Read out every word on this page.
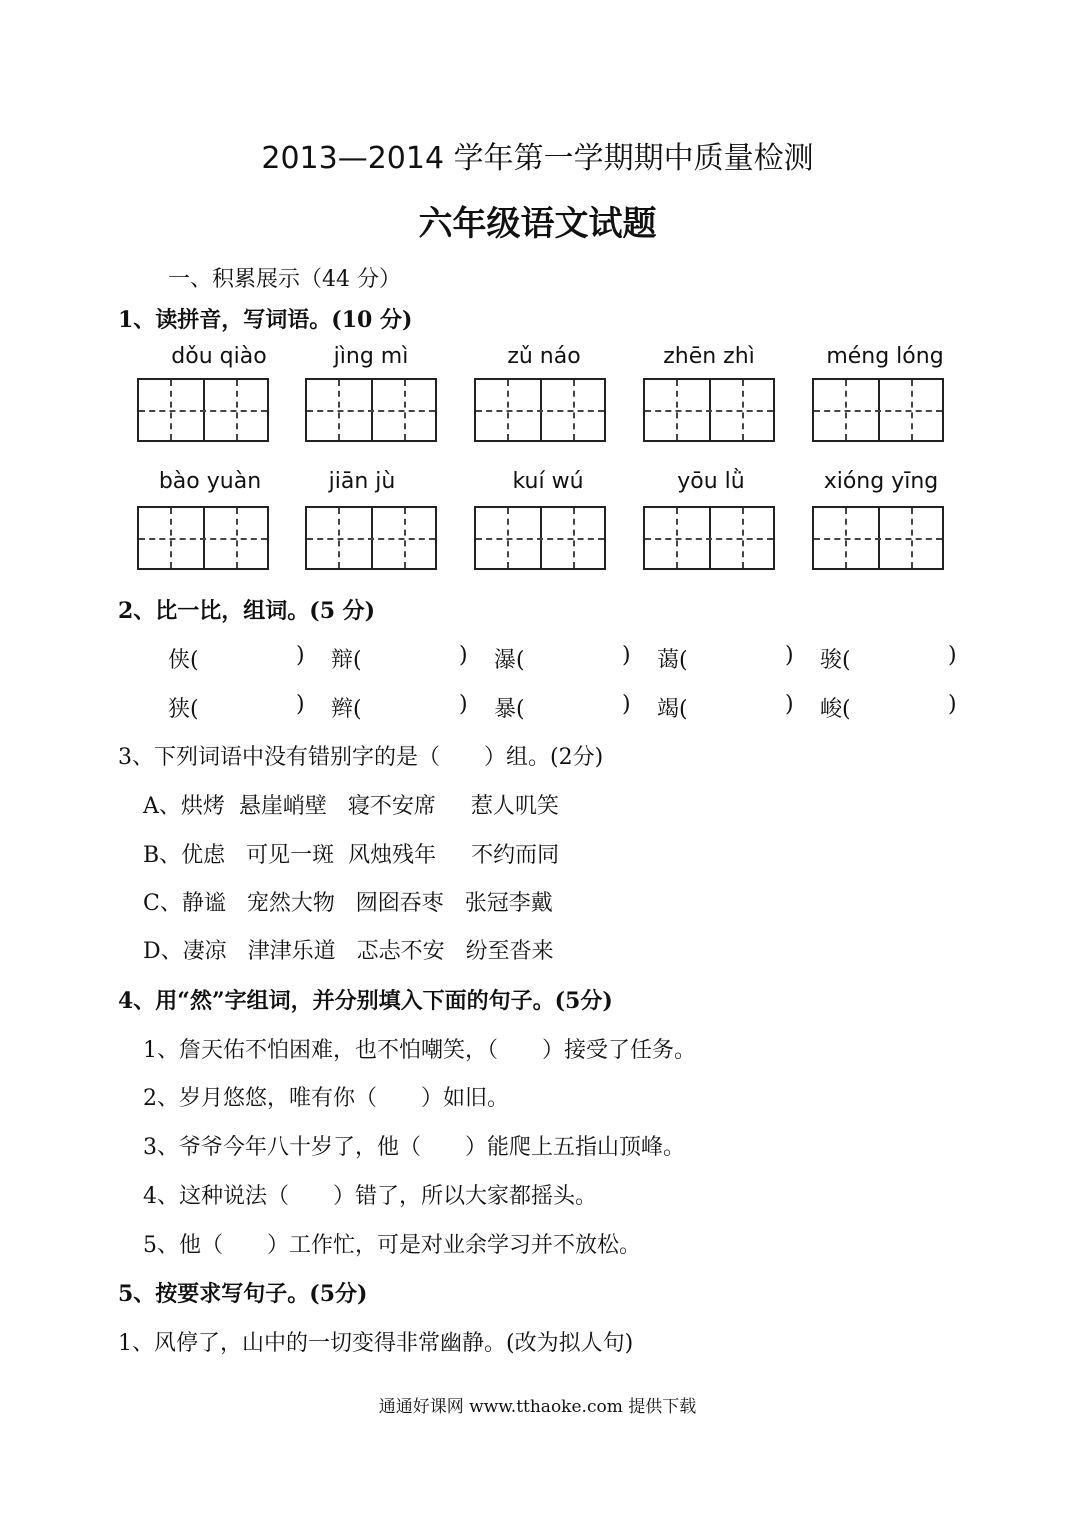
2013—2014 学年第一学期期中质量检测
六年级语文试题
一、积累展示（44 分）
1、读拼音，写词语。(10 分)
dǒu qiào	jìng mì	zǔ náo	zhēn zhì	méng lóng
bào yuàn	jiān jù	kuí wú	yōu lǜ	xióng yīng
2、比一比，组词。(5 分)
侠(	) 辩(	) 瀑(	) 蔼(	) 骏(	)
狭(	) 辫(	) 暴(	) 竭(	) 峻(	)
3、下列词语中没有错别字的是（　　）组。(2分)
A、烘烤  悬崖峭壁   寝不安席     惹人叽笑
B、优虑   可见一斑  风烛残年     不约而同
C、静谧   宠然大物   囫囵吞枣   张冠李戴
D、凄凉   津津乐道   忑忐不安   纷至沓来
4、用“然”字组词，并分别填入下面的句子。(5分)
1、詹天佑不怕困难，也不怕嘲笑，（　　）接受了任务。
2、岁月悠悠，唯有你（　　）如旧。
3、爷爷今年八十岁了，他（　　）能爬上五指山顶峰。
4、这种说法（　　）错了，所以大家都摇头。
5、他（　　）工作忙，可是对业余学习并不放松。
5、按要求写句子。(5分)
1、风停了，山中的一切变得非常幽静。(改为拟人句)
通通好课网 www.tthaoke.com 提供下载
